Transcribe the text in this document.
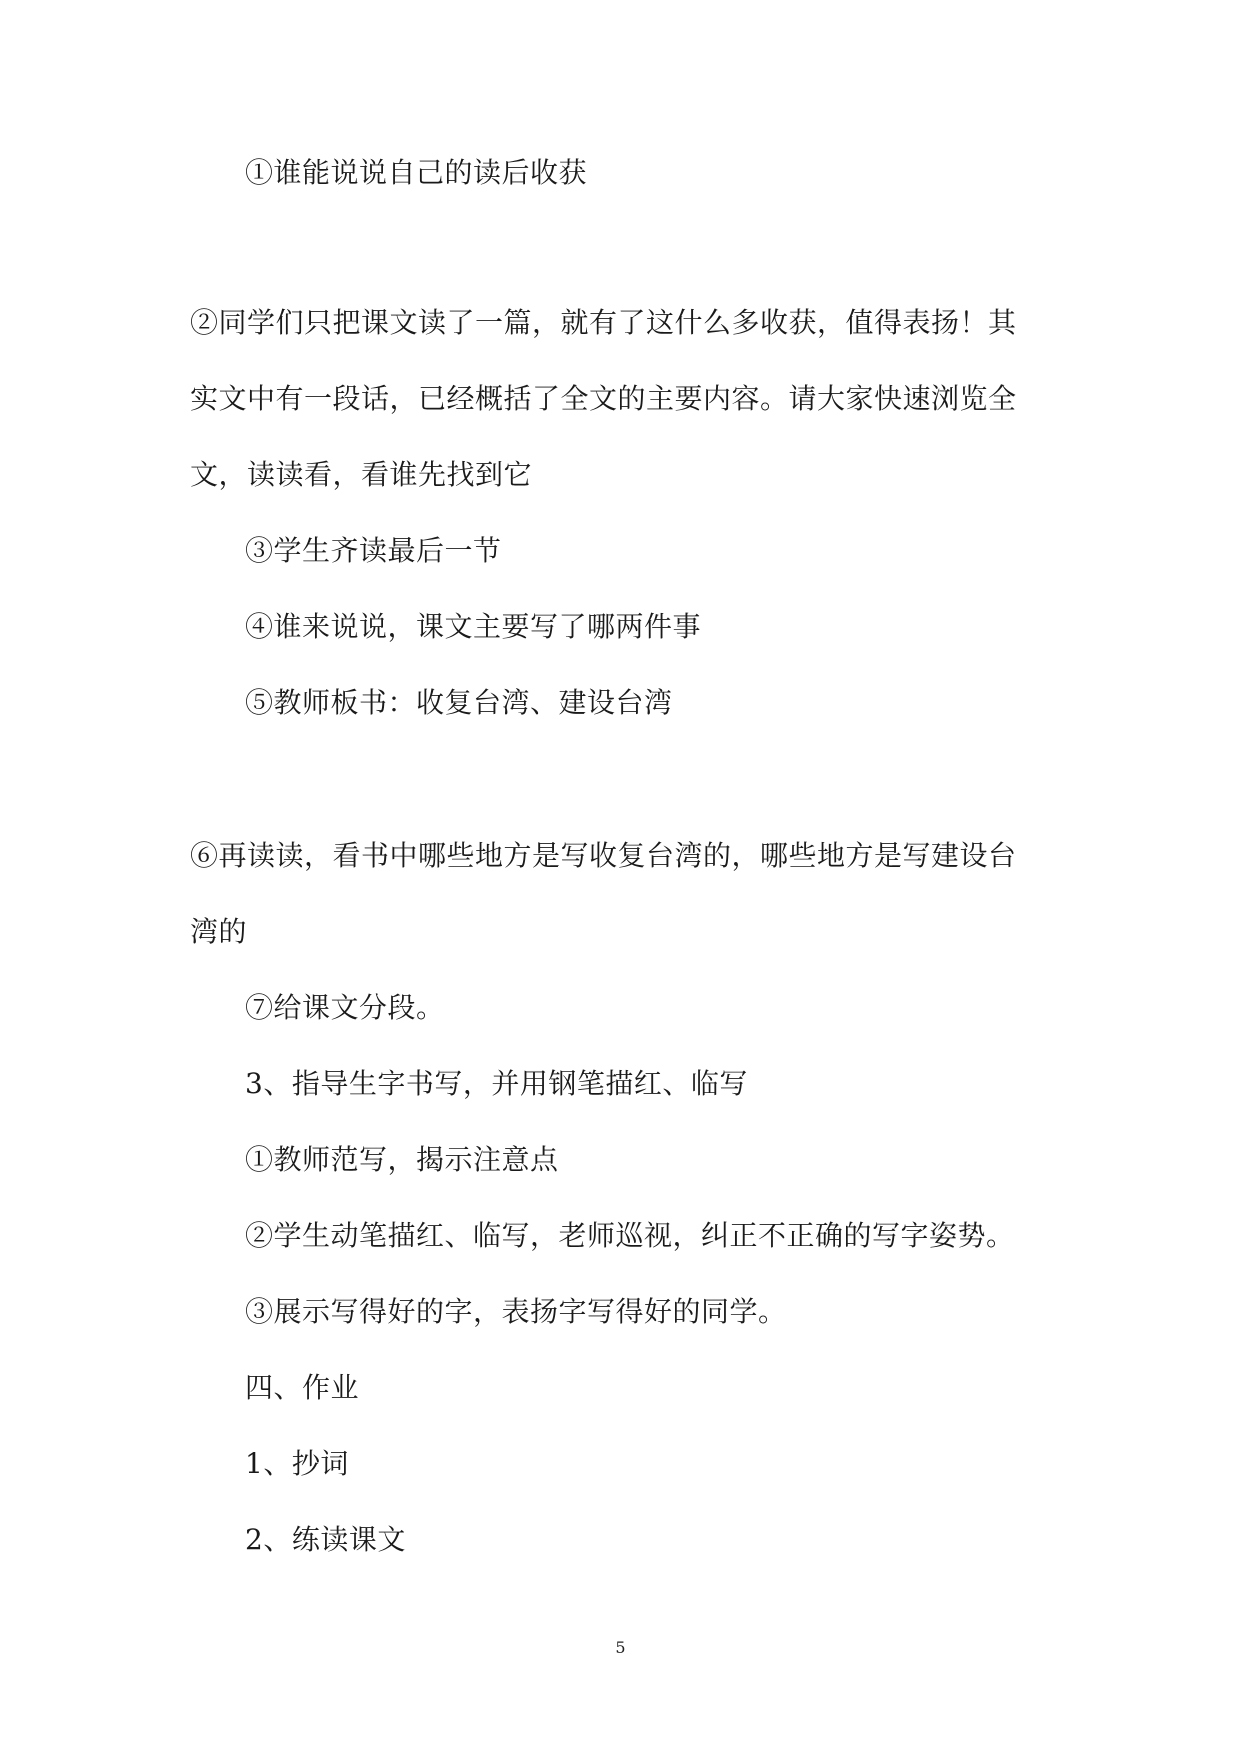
①谁能说说自己的读后收获
②同学们只把课文读了一篇，就有了这什么多收获，值得表扬！其
实文中有一段话，已经概括了全文的主要内容。请大家快速浏览全
文，读读看，看谁先找到它
③学生齐读最后一节
④谁来说说，课文主要写了哪两件事
⑤教师板书：收复台湾、建设台湾
⑥再读读，看书中哪些地方是写收复台湾的，哪些地方是写建设台
湾的
⑦给课文分段。
3、指导生字书写，并用钢笔描红、临写
①教师范写，揭示注意点
②学生动笔描红、临写，老师巡视，纠正不正确的写字姿势。
③展示写得好的字，表扬字写得好的同学。
四、作业
1、抄词
2、练读课文
5
